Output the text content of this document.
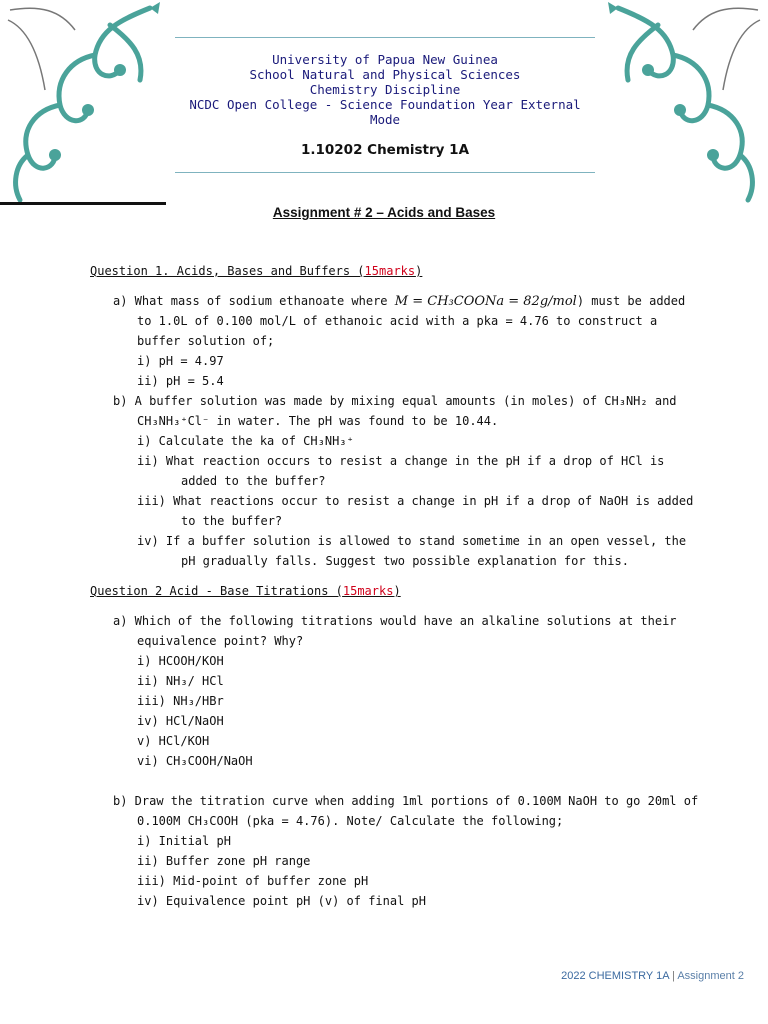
University of Papua New Guinea
School Natural and Physical Sciences
Chemistry Discipline
NCDC Open College - Science Foundation Year External
Mode
1.10202 Chemistry 1A
Assignment # 2 – Acids and Bases
Question 1. Acids, Bases and Buffers (15marks)
a) What mass of sodium ethanoate where M = CH₃COONa = 82g/mol) must be added
to 1.0L of 0.100 mol/L of ethanoic acid with a pka = 4.76 to construct a
buffer solution of;
i) pH = 4.97
ii) pH = 5.4
b) A buffer solution was made by mixing equal amounts (in moles) of CH₃NH₂ and
CH₃NH₃⁺Cl⁻ in water. The pH was found to be 10.44.
i) Calculate the ka of CH₃NH₃⁺
ii) What reaction occurs to resist a change in the pH if a drop of HCl is
added to the buffer?
iii) What reactions occur to resist a change in pH if a drop of NaOH is added
to the buffer?
iv) If a buffer solution is allowed to stand sometime in an open vessel, the
pH gradually falls. Suggest two possible explanation for this.
Question 2 Acid - Base Titrations (15marks)
a) Which of the following titrations would have an alkaline solutions at their
equivalence point? Why?
i) HCOOH/KOH
ii) NH₃/ HCl
iii) NH₃/HBr
iv) HCl/NaOH
v) HCl/KOH
vi) CH₃COOH/NaOH
b) Draw the titration curve when adding 1ml portions of 0.100M NaOH to go 20ml of
0.100M CH₃COOH (pka = 4.76). Note/ Calculate the following;
i) Initial pH
ii) Buffer zone pH range
iii) Mid-point of buffer zone pH
iv) Equivalence point pH (v) of final pH
2022 CHEMISTRY 1A | Assignment 2
